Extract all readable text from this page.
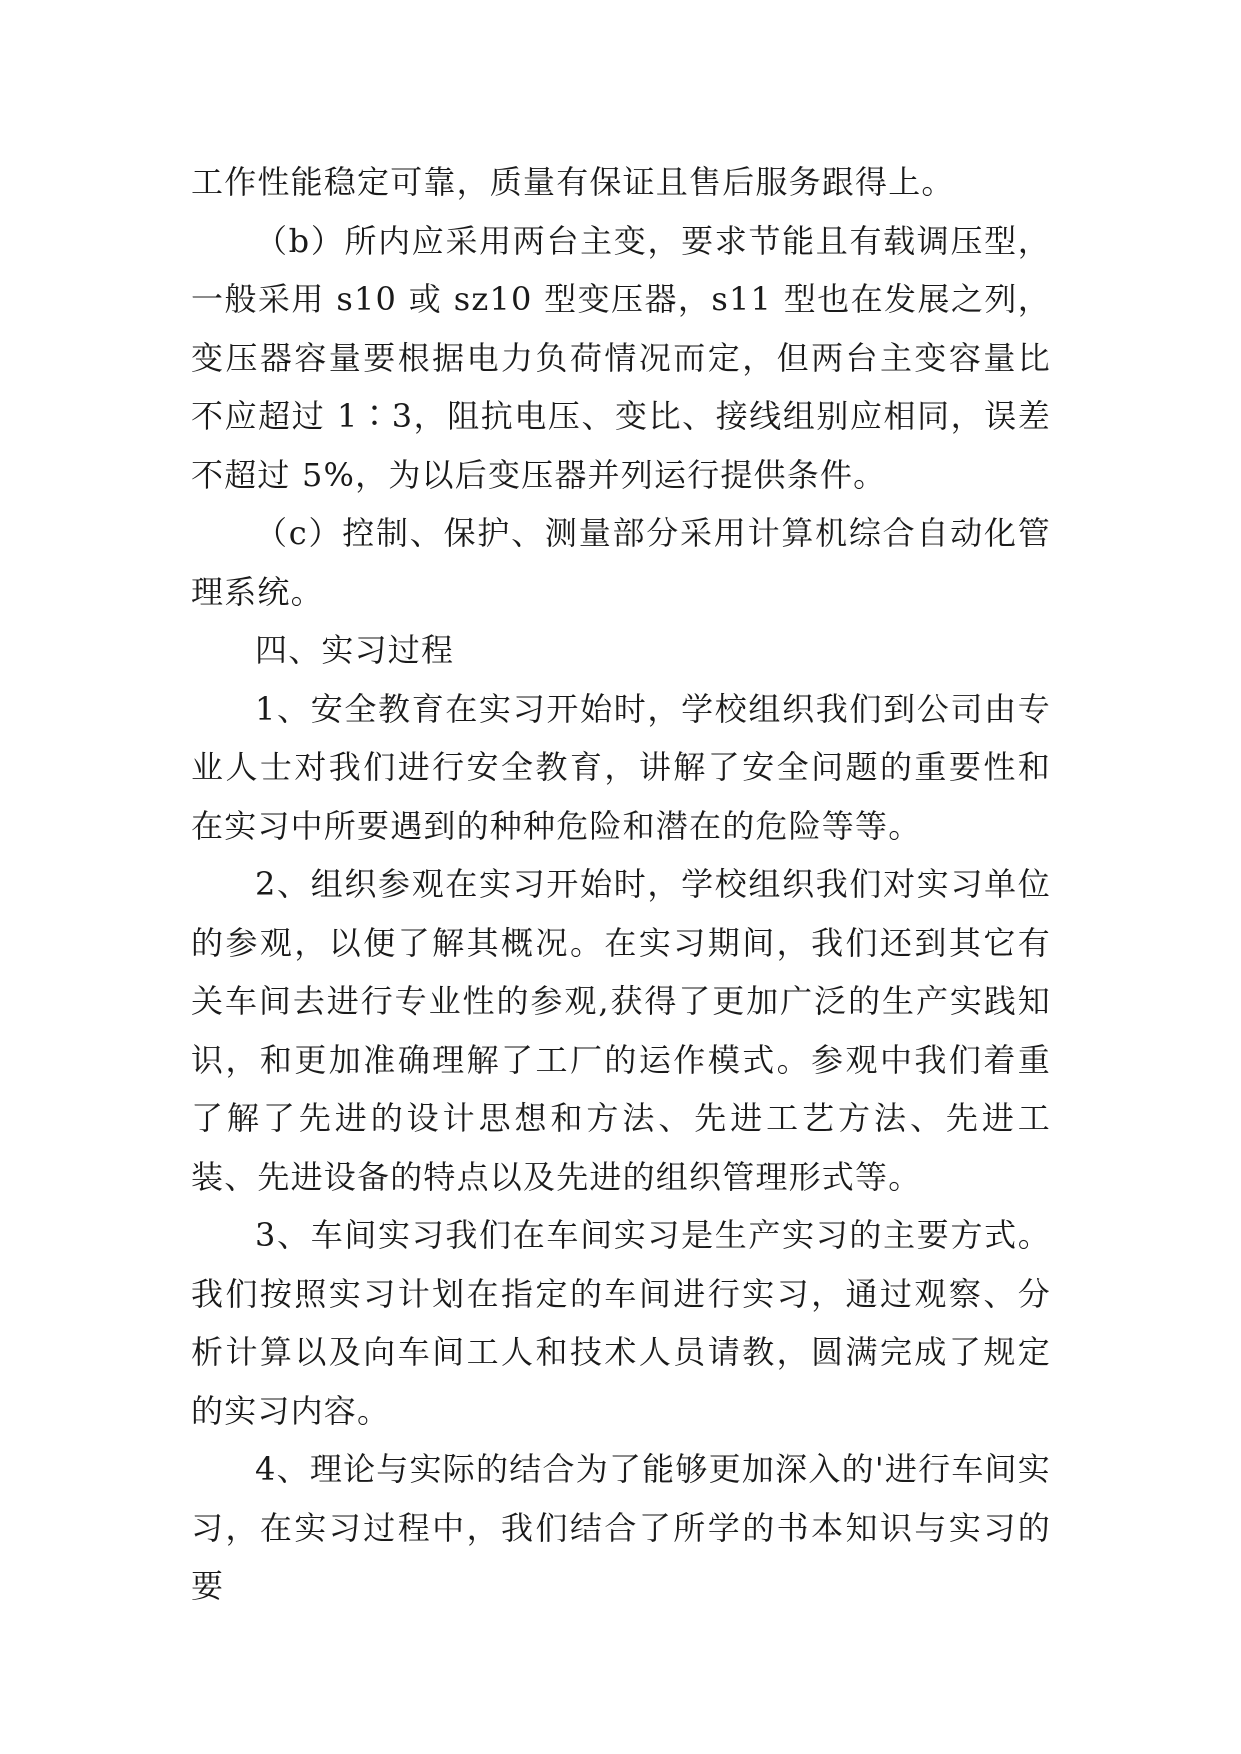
工作性能稳定可靠，质量有保证且售后服务跟得上。

（b）所内应采用两台主变，要求节能且有载调压型，一般采用 s10 或 sz10 型变压器，s11 型也在发展之列，变压器容量要根据电力负荷情况而定，但两台主变容量比不应超过 1∶3，阻抗电压、变比、接线组别应相同，误差不超过 5%，为以后变压器并列运行提供条件。

（c）控制、保护、测量部分采用计算机综合自动化管理系统。

四、实习过程

1、安全教育在实习开始时，学校组织我们到公司由专业人士对我们进行安全教育，讲解了安全问题的重要性和在实习中所要遇到的种种危险和潜在的危险等等。

2、组织参观在实习开始时，学校组织我们对实习单位的参观，以便了解其概况。在实习期间，我们还到其它有关车间去进行专业性的参观,获得了更加广泛的生产实践知识，和更加准确理解了工厂的运作模式。参观中我们着重了解了先进的设计思想和方法、先进工艺方法、先进工装、先进设备的特点以及先进的组织管理形式等。

3、车间实习我们在车间实习是生产实习的主要方式。我们按照实习计划在指定的车间进行实习，通过观察、分析计算以及向车间工人和技术人员请教，圆满完成了规定的实习内容。

4、理论与实际的结合为了能够更加深入的'进行车间实习，在实习过程中，我们结合了所学的书本知识与实习的要
